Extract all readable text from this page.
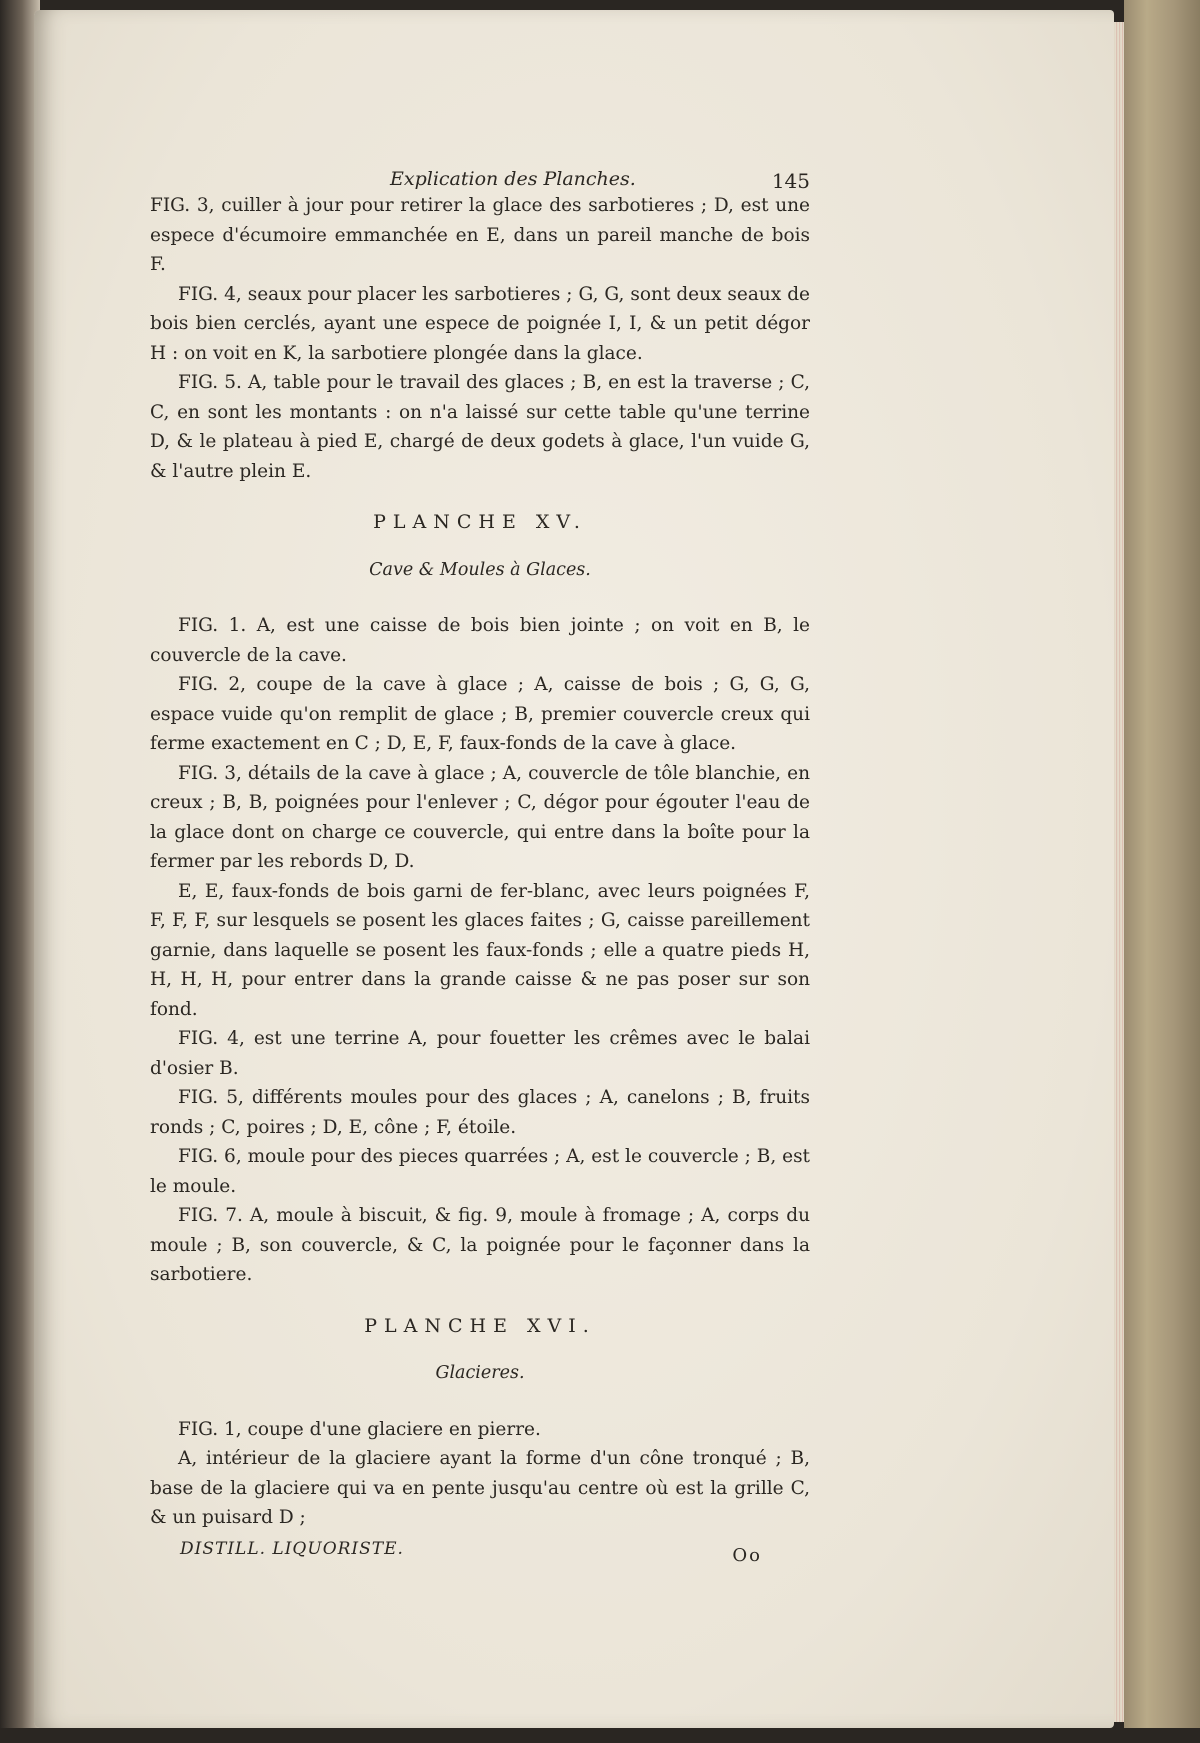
Explication des Planches.	145

FIG. 3, cuiller à jour pour retirer la glace des sarbotieres ; D, est une espece d'écumoire emmanchée en E, dans un pareil manche de bois F.

FIG. 4, seaux pour placer les sarbotieres ; G, G, sont deux seaux de bois bien cerclés, ayant une espece de poignée I, I, & un petit dégor H : on voit en K, la sarbotiere plongée dans la glace.

FIG. 5. A, table pour le travail des glaces ; B, en est la traverse ; C, C, en sont les montants : on n'a laissé sur cette table qu'une terrine D, & le plateau à pied E, chargé de deux godets à glace, l'un vuide G, & l'autre plein E.

PLANCHE XV.
Cave & Moules à Glaces.

FIG. 1. A, est une caisse de bois bien jointe ; on voit en B, le couvercle de la cave.

FIG. 2, coupe de la cave à glace ; A, caisse de bois ; G, G, G, espace vuide qu'on remplit de glace ; B, premier couvercle creux qui ferme exactement en C ; D, E, F, faux-fonds de la cave à glace.

FIG. 3, détails de la cave à glace ; A, couvercle de tôle blanchie, en creux ; B, B, poignées pour l'enlever ; C, dégor pour égouter l'eau de la glace dont on charge ce couvercle, qui entre dans la boîte pour la fermer par les rebords D, D.

E, E, faux-fonds de bois garni de fer-blanc, avec leurs poignées F, F, F, F, sur lesquels se posent les glaces faites ; G, caisse pareillement garnie, dans laquelle se posent les faux-fonds ; elle a quatre pieds H, H, H, H, pour entrer dans la grande caisse & ne pas poser sur son fond.

FIG. 4, est une terrine A, pour fouetter les crêmes avec le balai d'osier B.

FIG. 5, différents moules pour des glaces ; A, canelons ; B, fruits ronds ; C, poires ; D, E, cône ; F, étoile.

FIG. 6, moule pour des pieces quarrées ; A, est le couvercle ; B, est le moule.

FIG. 7. A, moule à biscuit, & fig. 9, moule à fromage ; A, corps du moule ; B, son couvercle, & C, la poignée pour le façonner dans la sarbotiere.

PLANCHE XVI.
Glacieres.

FIG. 1, coupe d'une glaciere en pierre.

A, intérieur de la glaciere ayant la forme d'un cône tronqué ; B, base de la glaciere qui va en pente jusqu'au centre où est la grille C, & un puisard D ;

DISTILL. LIQUORISTE.	Oo
